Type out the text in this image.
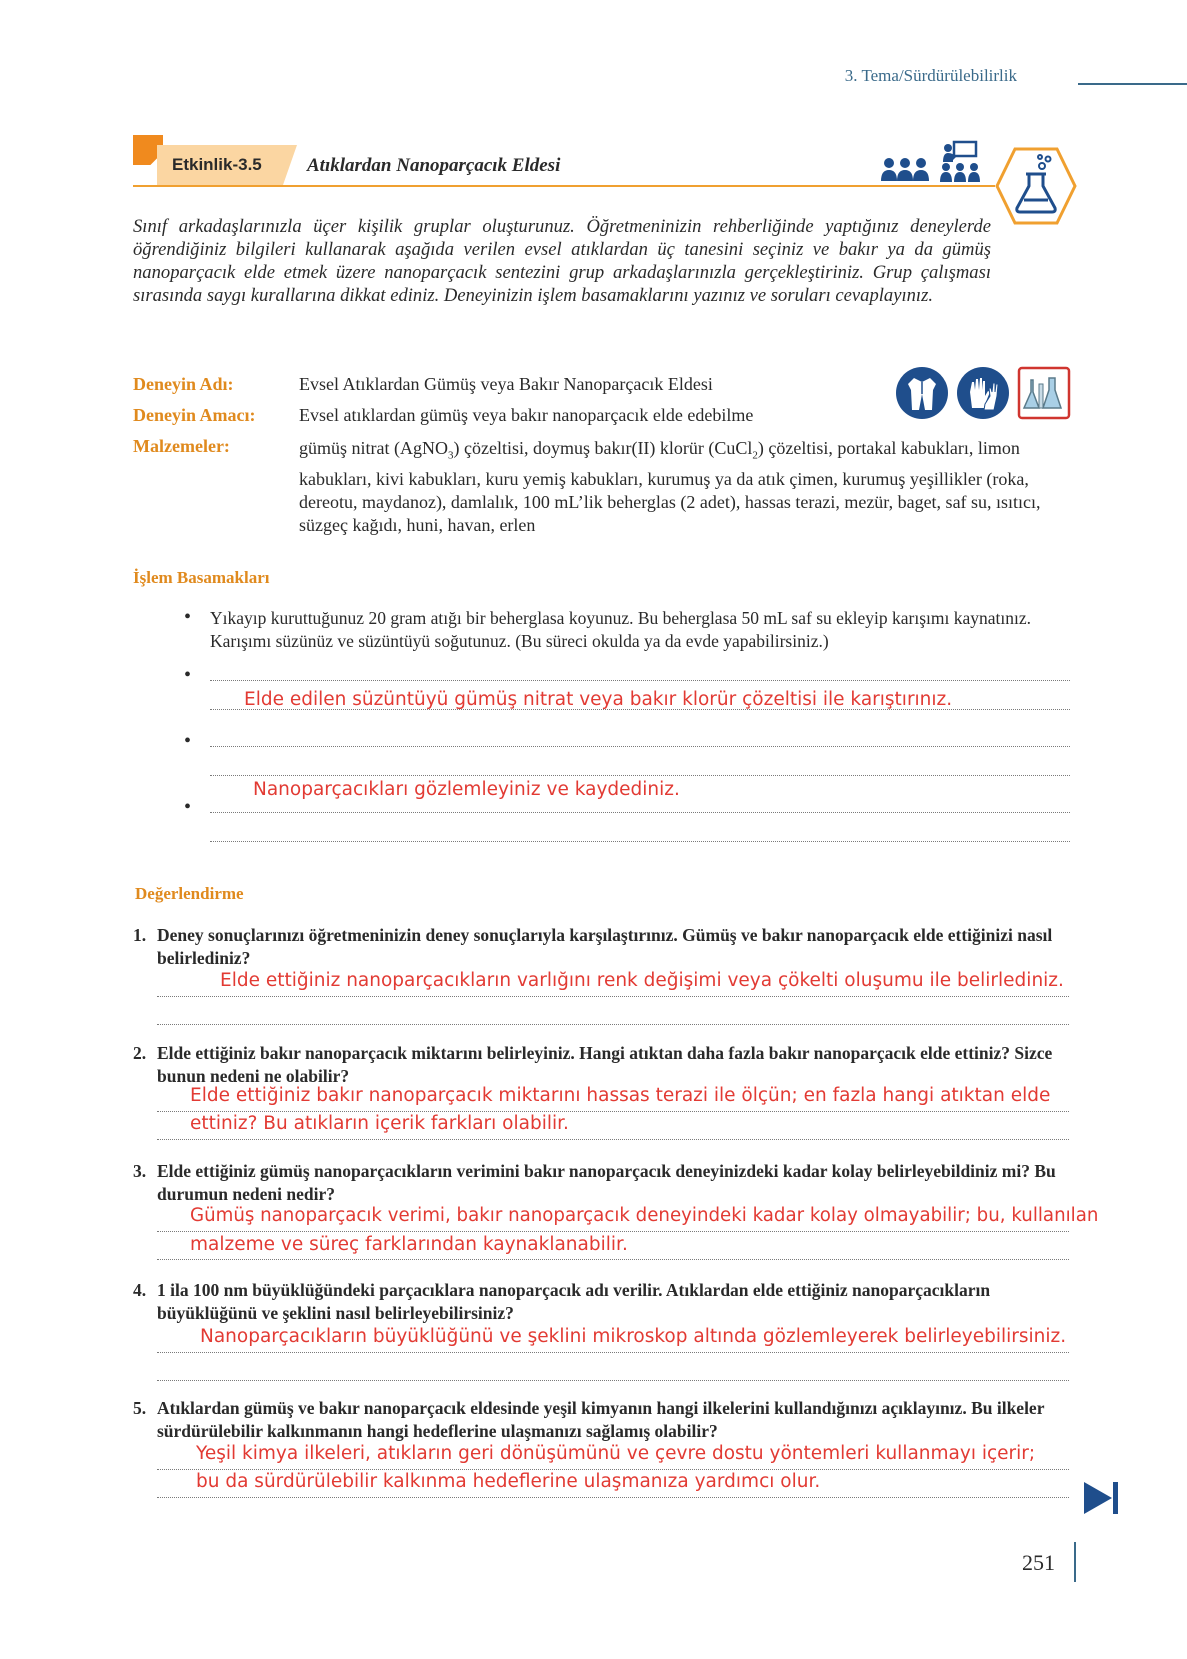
3. Tema/Sürdürülebilirlik
Etkinlik-3.5 Atıklardan Nanoparçacık Eldesi
Sınıf arkadaşlarınızla üçer kişilik gruplar oluşturunuz. Öğretmeninizin rehberliğinde yaptığınız deneylerde öğrendiğiniz bilgileri kullanarak aşağıda verilen evsel atıklardan üç tanesini seçiniz ve bakır ya da gümüş nanoparçacık elde etmek üzere nanoparçacık sentezini grup arkadaşlarınızla gerçekleştiriniz. Grup çalışması sırasında saygı kurallarına dikkat ediniz. Deneyinizin işlem basamaklarını yazınız ve soruları cevaplayınız.
Deneyin Adı:	Evsel Atıklardan Gümüş veya Bakır Nanoparçacık Eldesi
Deneyin Amacı: Evsel atıklardan gümüş veya bakır nanoparçacık elde edebilme
Malzemeler:	gümüş nitrat (AgNO$_3$) çözeltisi, doymuş bakır(II) klorür (CuCl$_2$) çözeltisi, portakal kabukları, limon kabukları, kivi kabukları, kuru yemiş kabukları, kurumuş ya da atık çimen, kurumuş yeşillikler (roka, dereotu, maydanoz), damlalık, 100 mL’lik beherglas (2 adet), hassas terazi, mezür, baget, saf su, ısıtıcı, süzgeç kağıdı, huni, havan, erlen
İşlem Basamakları
• Yıkayıp kuruttuğunuz 20 gram atığı bir beherglasa koyunuz. Bu beherglasa 50 mL saf su ekleyip karışımı kaynatınız. Karışımı süzünüz ve süzüntüyü soğutunuz. (Bu süreci okulda ya da evde yapabilirsiniz.)
•
Elde edilen süzüntüyü gümüş nitrat veya bakır klorür çözeltisi ile karıştırınız.
•
Nanoparçacıkları gözlemleyiniz ve kaydediniz.
•
Değerlendirme
1. Deney sonuçlarınızı öğretmeninizin deney sonuçlarıyla karşılaştırınız. Gümüş ve bakır nanoparçacık elde ettiğinizi nasıl belirlediniz?
Elde ettiğiniz nanoparçacıkların varlığını renk değişimi veya çökelti oluşumu ile belirlediniz.
2. Elde ettiğiniz bakır nanoparçacık miktarını belirleyiniz. Hangi atıktan daha fazla bakır nanoparçacık elde ettiniz? Sizce bunun nedeni ne olabilir?
Elde ettiğiniz bakır nanoparçacık miktarını hassas terazi ile ölçün; en fazla hangi atıktan elde
ettiniz? Bu atıkların içerik farkları olabilir.
3. Elde ettiğiniz gümüş nanoparçacıkların verimini bakır nanoparçacık deneyinizdeki kadar kolay belirleyebildiniz mi? Bu durumun nedeni nedir?
Gümüş nanoparçacık verimi, bakır nanoparçacık deneyindeki kadar kolay olmayabilir; bu, kullanılan
malzeme ve süreç farklarından kaynaklanabilir.
4. 1 ila 100 nm büyüklüğündeki parçacıklara nanoparçacık adı verilir. Atıklardan elde ettiğiniz nanoparçacıkların büyüklüğünü ve şeklini nasıl belirleyebilirsiniz?
Nanoparçacıkların büyüklüğünü ve şeklini mikroskop altında gözlemleyerek belirleyebilirsiniz.
5. Atıklardan gümüş ve bakır nanoparçacık eldesinde yeşil kimyanın hangi ilkelerini kullandığınızı açıklayınız. Bu ilkeler sürdürülebilir kalkınmanın hangi hedeflerine ulaşmanızı sağlamış olabilir?
Yeşil kimya ilkeleri, atıkların geri dönüşümünü ve çevre dostu yöntemleri kullanmayı içerir;
bu da sürdürülebilir kalkınma hedeflerine ulaşmanıza yardımcı olur.
251
